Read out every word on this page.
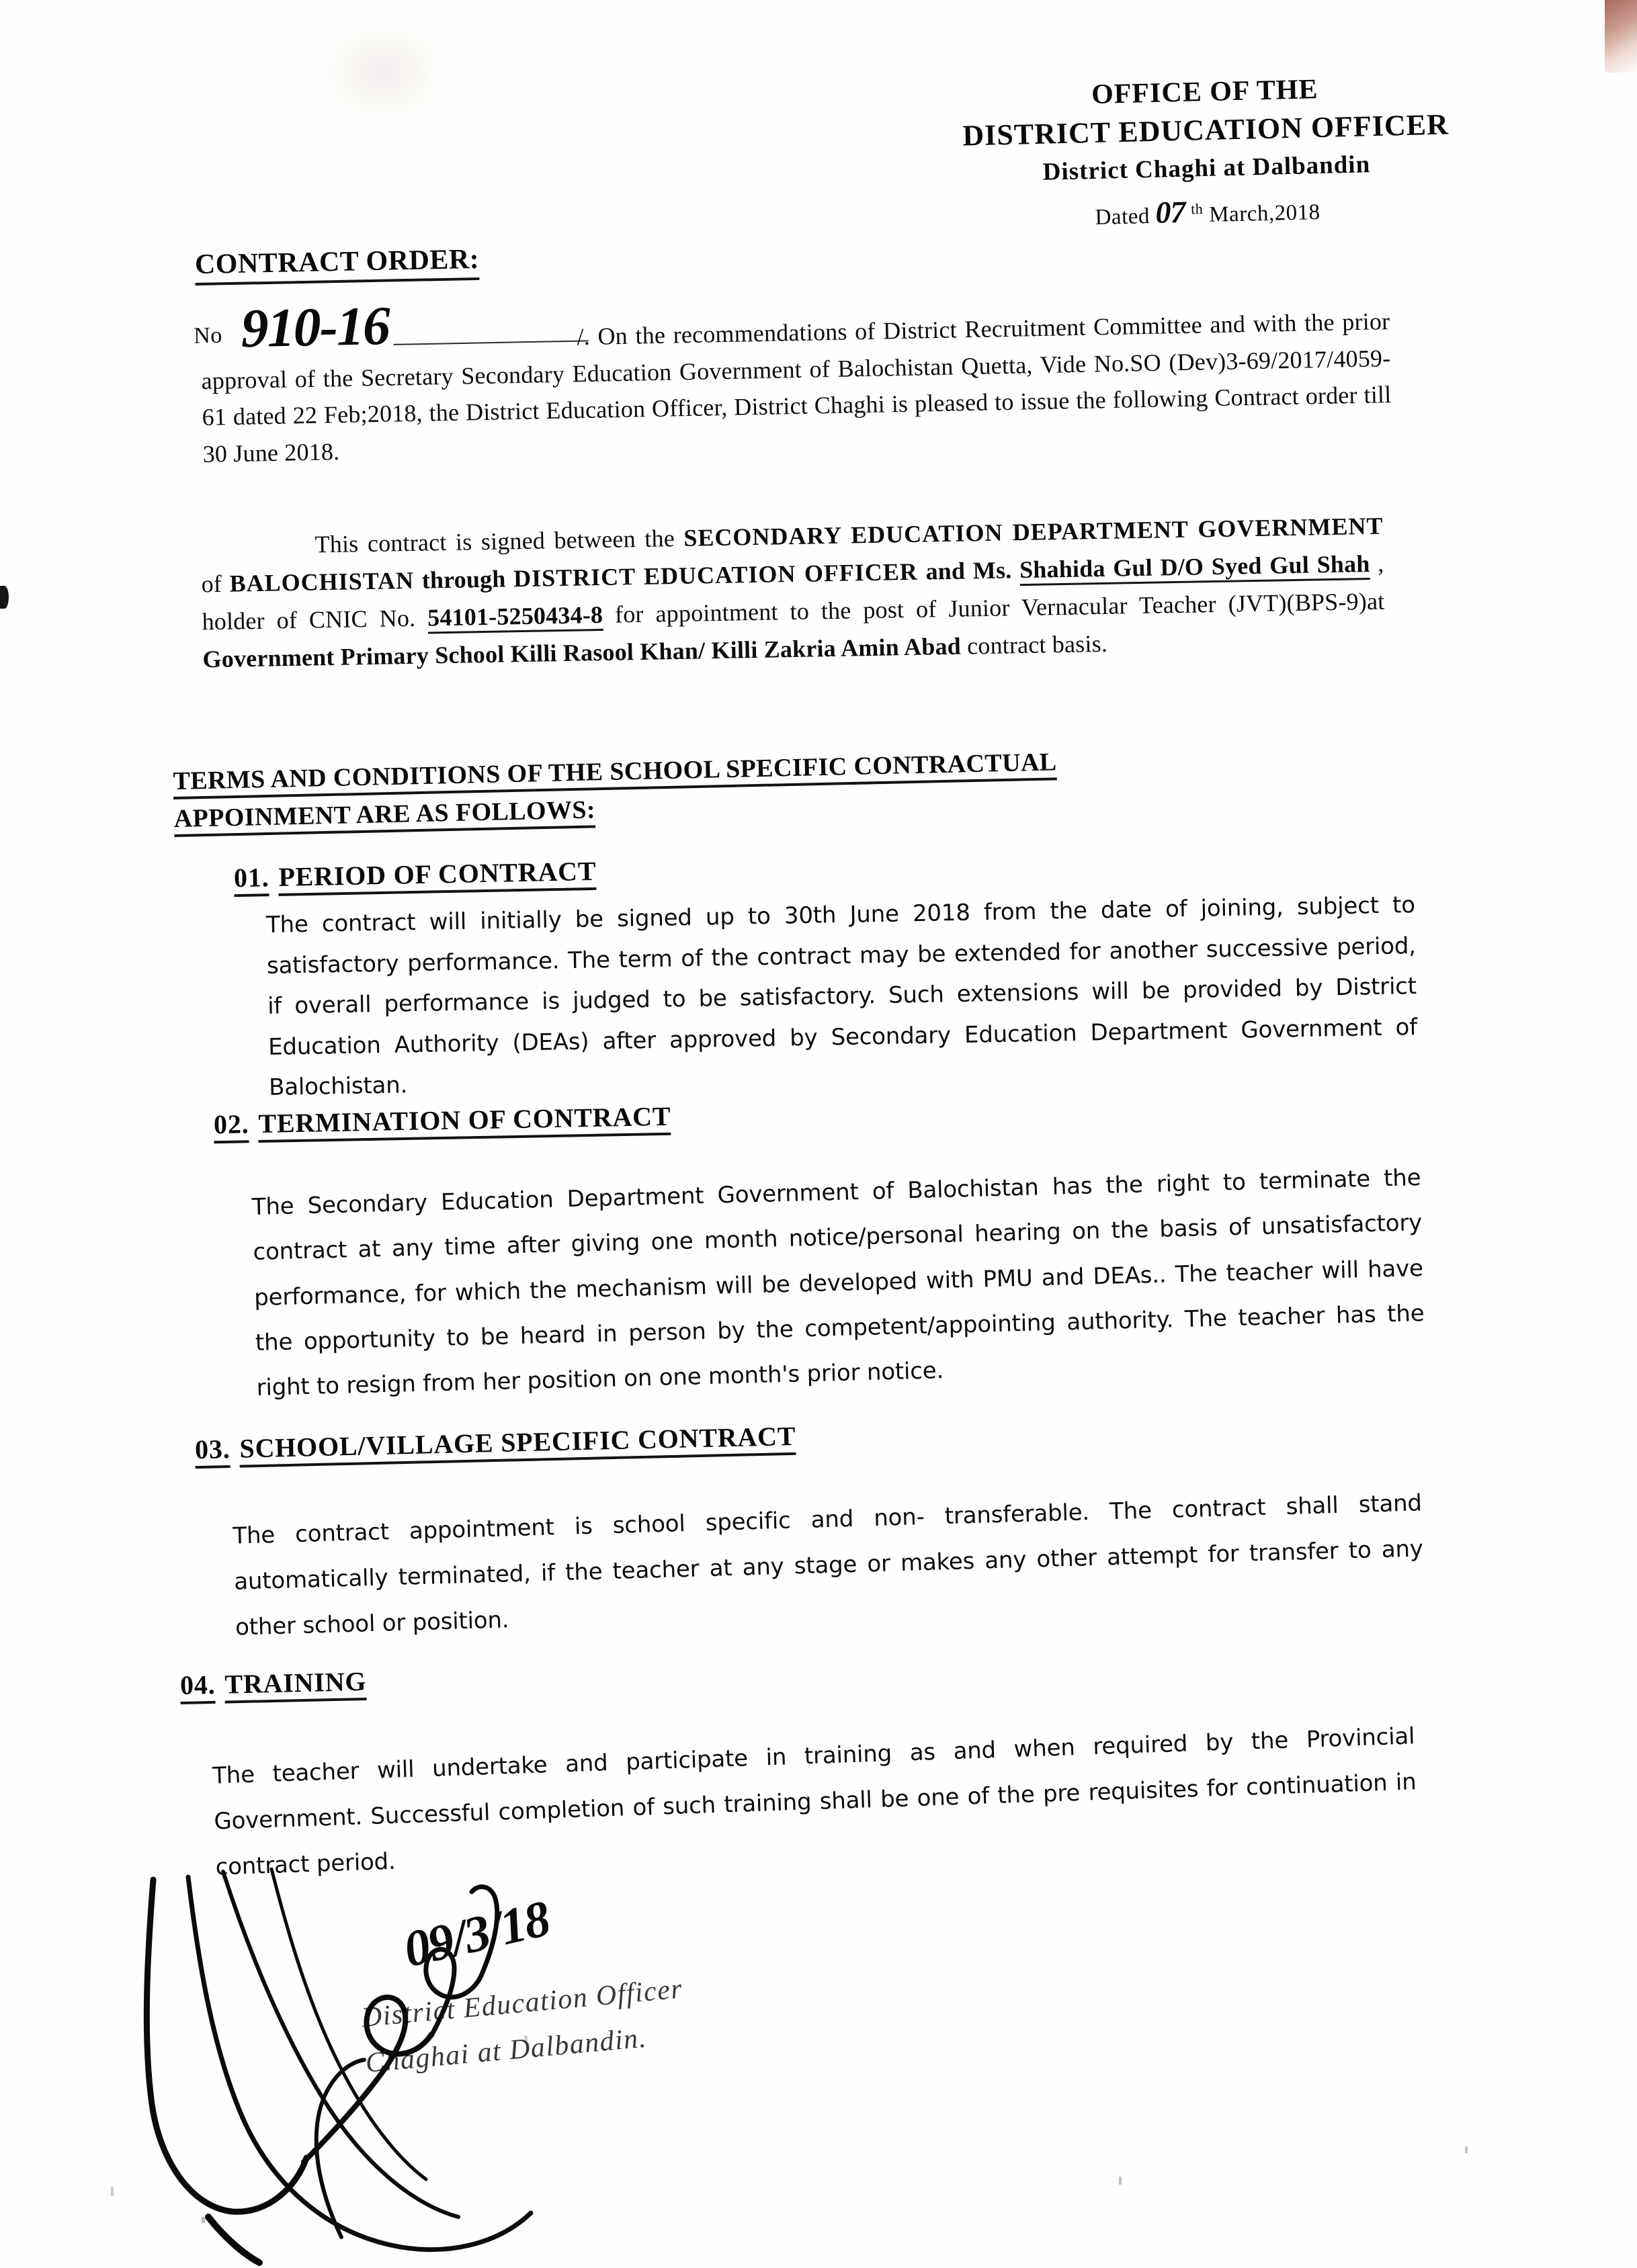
OFFICE OF THE
DISTRICT EDUCATION OFFICER
District Chaghi at Dalbandin
Dated 07 $^{th}$ March,2018
CONTRACT ORDER:
No 910-16	/. On the recommendations of District Recruitment Committee and with the prior approval of the Secretary Secondary Education Government of Balochistan Quetta, Vide No.SO (Dev)3-69/2017/4059-61 dated 22 Feb;2018, the District Education Officer, District Chaghi is pleased to issue the following Contract order till 30 June 2018.
This contract is signed between the SECONDARY EDUCATION DEPARTMENT GOVERNMENT of BALOCHISTAN through DISTRICT EDUCATION OFFICER and Ms. Shahida Gul D/O Syed Gul Shah , holder of CNIC No. 54101-5250434-8 for appointment to the post of Junior Vernacular Teacher (JVT)(BPS-9)at Government Primary School Killi Rasool Khan/ Killi Zakria Amin Abad contract basis.
TERMS AND CONDITIONS OF THE SCHOOL SPECIFIC CONTRACTUAL
APPOINMENT ARE AS FOLLOWS:
01. PERIOD OF CONTRACT
The contract will initially be signed up to 30th June 2018 from the date of joining, subject to satisfactory performance. The term of the contract may be extended for another successive period, if overall performance is judged to be satisfactory. Such extensions will be provided by District Education Authority (DEAs) after approved by Secondary Education Department Government of Balochistan.
02. TERMINATION OF CONTRACT
The Secondary Education Department Government of Balochistan has the right to terminate the contract at any time after giving one month notice/personal hearing on the basis of unsatisfactory performance, for which the mechanism will be developed with PMU and DEAs.. The teacher will have the opportunity to be heard in person by the competent/appointing authority. The teacher has the right to resign from her position on one month's prior notice.
03. SCHOOL/VILLAGE SPECIFIC CONTRACT
The contract appointment is school specific and non- transferable. The contract shall stand automatically terminated, if the teacher at any stage or makes any other attempt for transfer to any other school or position.
04. TRAINING
The teacher will undertake and participate in training as and when required by the Provincial Government. Successful completion of such training shall be one of the pre requisites for continuation in contract period.
District Education Officer
Chaghai at Dalbandin.
09/3/18
